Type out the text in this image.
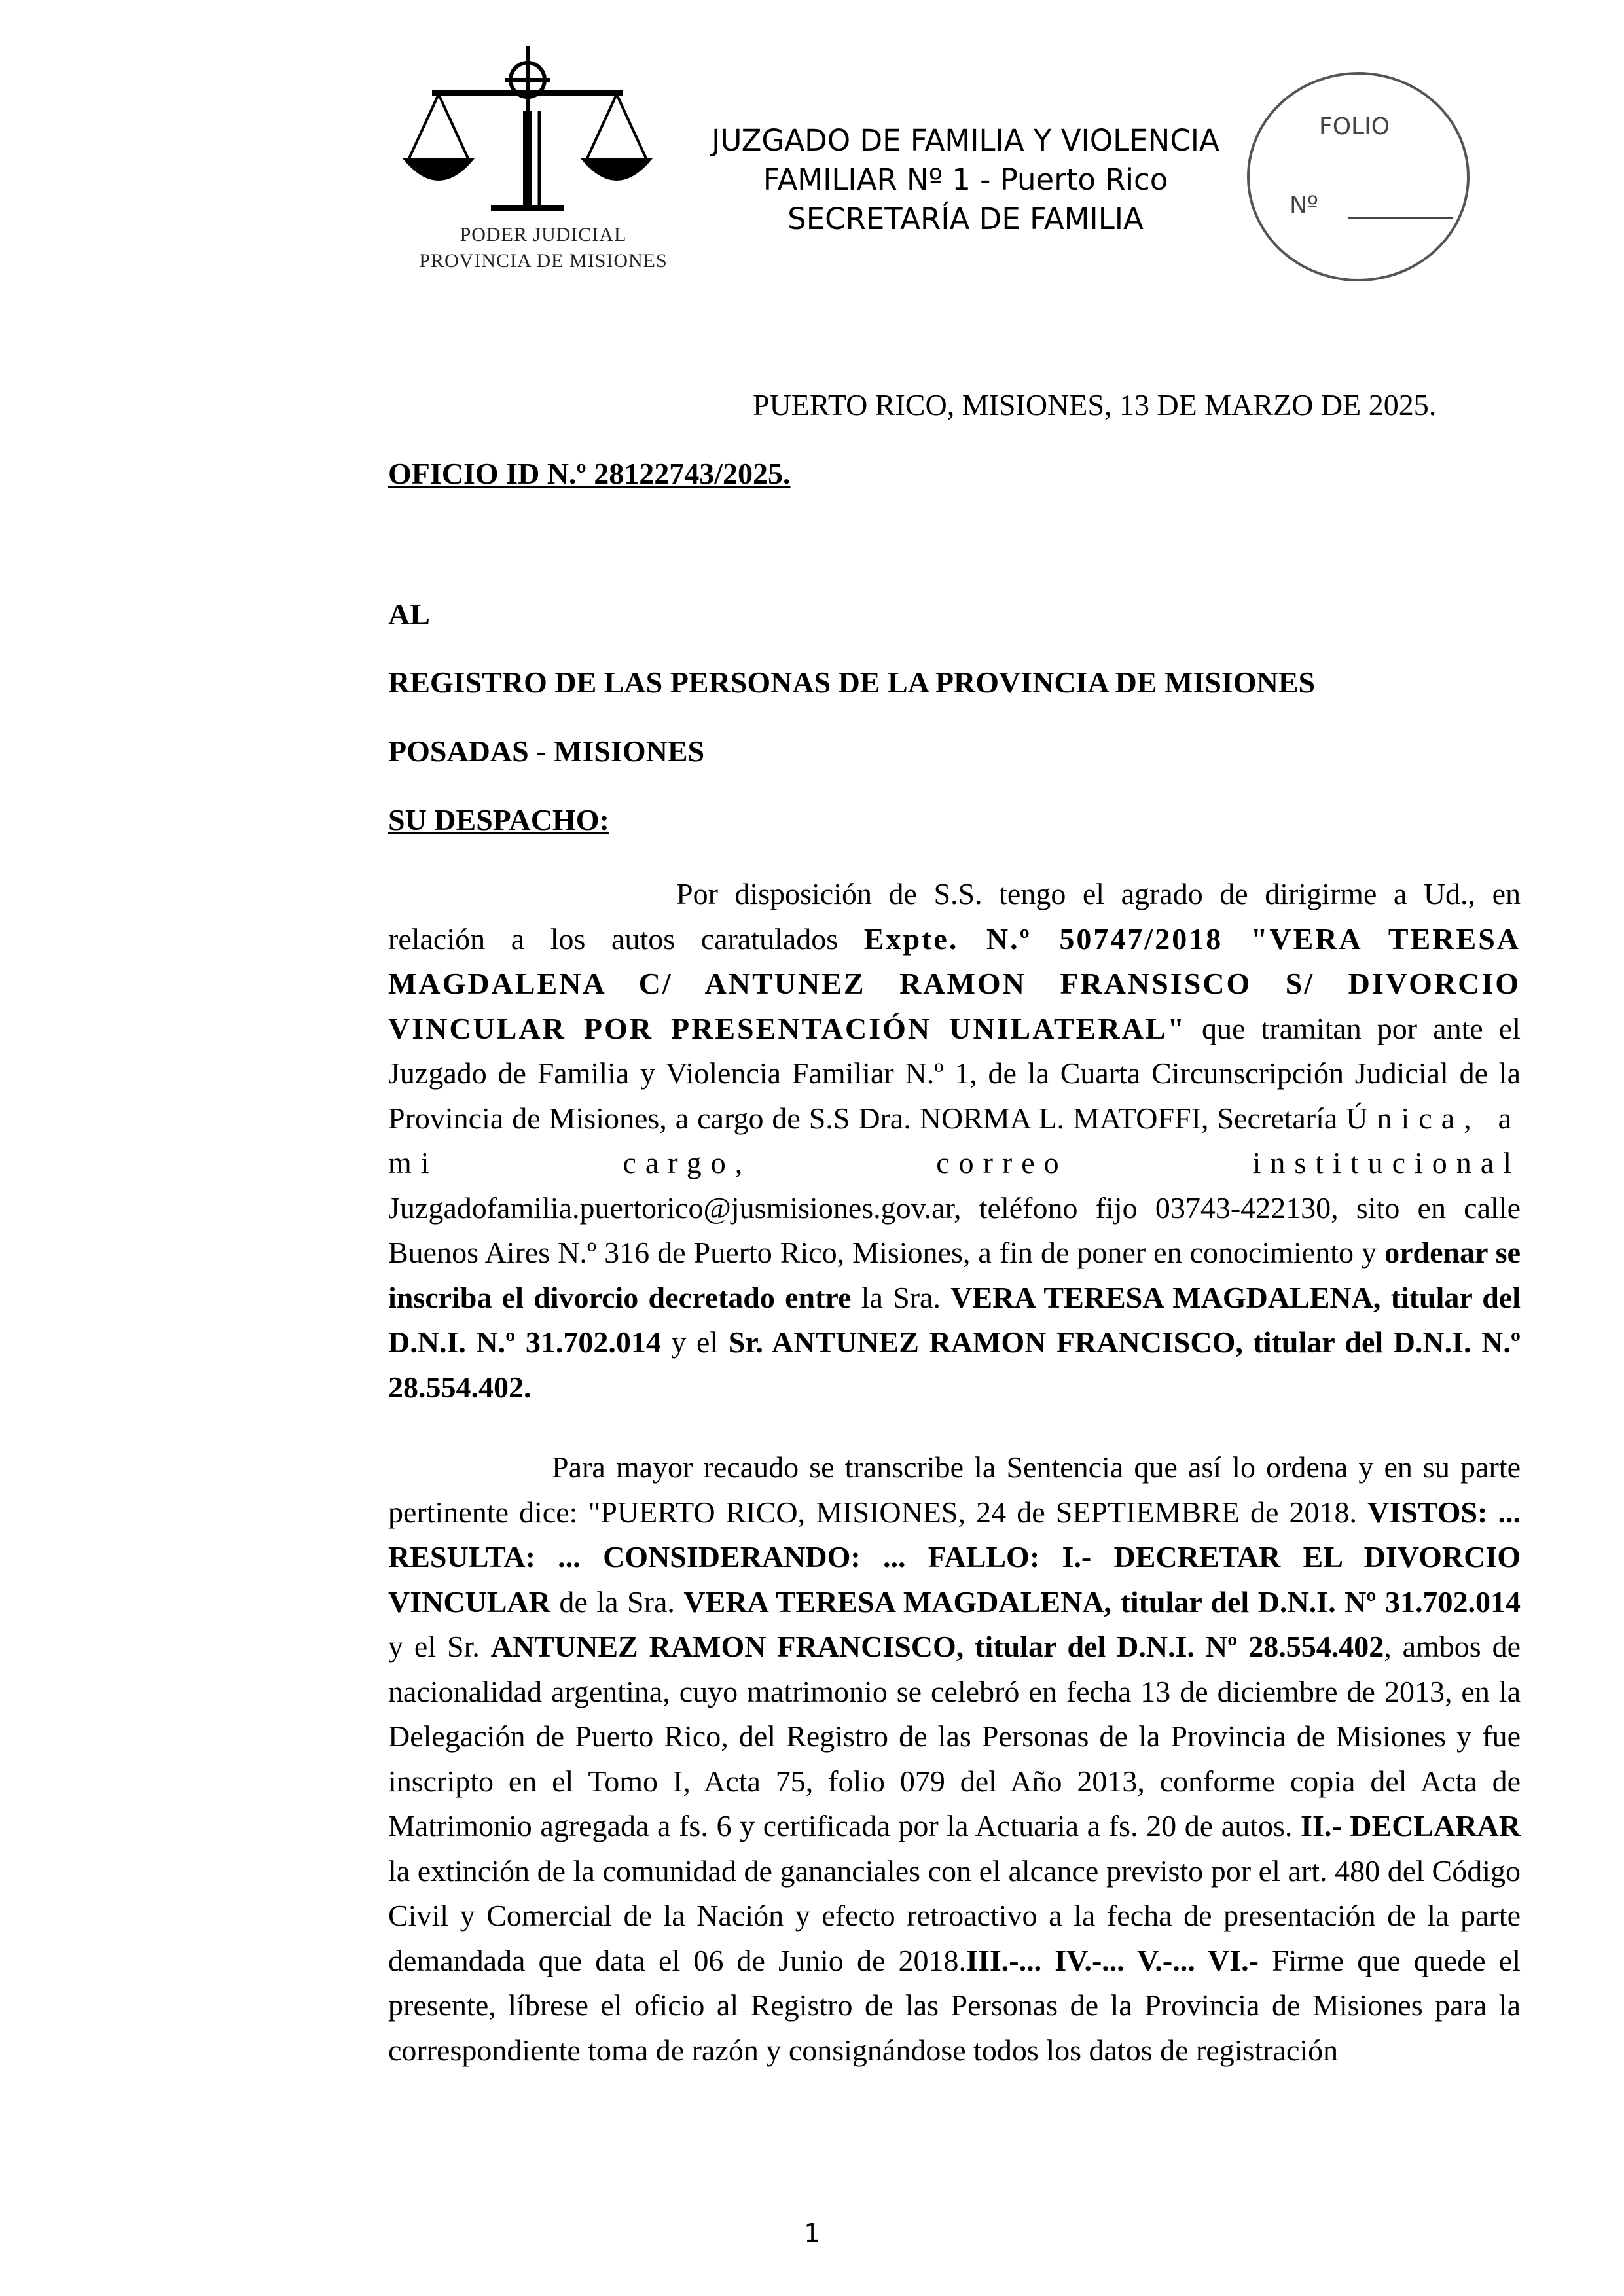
PODER JUDICIAL
PROVINCIA DE MISIONES
JUZGADO DE FAMILIA Y VIOLENCIA
FAMILIAR Nº 1 - Puerto Rico
SECRETARÍA DE FAMILIA
FOLIO
Nº
PUERTO RICO, MISIONES, 13 DE MARZO DE 2025.
OFICIO ID N.º 28122743/2025.
AL
REGISTRO DE LAS PERSONAS DE LA PROVINCIA DE MISIONES
POSADAS - MISIONES
SU DESPACHO:
Por disposición de S.S. tengo el agrado de dirigirme a Ud., en relación a los autos caratulados Expte. N.º 50747/2018 "VERA TERESA MAGDALENA C/ ANTUNEZ RAMON FRANSISCO S/ DIVORCIO VINCULAR POR PRESENTACIÓN UNILATERAL" que tramitan por ante el Juzgado de Familia y Violencia Familiar N.º 1, de la Cuarta Circunscripción Judicial de la Provincia de Misiones, a cargo de S.S Dra. NORMA L. MATOFFI, Secretaría Única, a mi cargo, correo institucional Juzgadofamilia.puertorico@jusmisiones.gov.ar, teléfono fijo 03743-422130, sito en calle Buenos Aires N.º 316 de Puerto Rico, Misiones, a fin de poner en conocimiento y ordenar se inscriba el divorcio decretado entre la Sra. VERA TERESA MAGDALENA, titular del D.N.I. N.º 31.702.014 y el Sr. ANTUNEZ RAMON FRANCISCO, titular del D.N.I. N.º 28.554.402.
Para mayor recaudo se transcribe la Sentencia que así lo ordena y en su parte pertinente dice: "PUERTO RICO, MISIONES, 24 de SEPTIEMBRE de 2018. VISTOS: ... RESULTA: ... CONSIDERANDO: ... FALLO: I.- DECRETAR EL DIVORCIO VINCULAR de la Sra. VERA TERESA MAGDALENA, titular del D.N.I. Nº 31.702.014 y el Sr. ANTUNEZ RAMON FRANCISCO, titular del D.N.I. Nº 28.554.402, ambos de nacionalidad argentina, cuyo matrimonio se celebró en fecha 13 de diciembre de 2013, en la Delegación de Puerto Rico, del Registro de las Personas de la Provincia de Misiones y fue inscripto en el Tomo I, Acta 75, folio 079 del Año 2013, conforme copia del Acta de Matrimonio agregada a fs. 6 y certificada por la Actuaria a fs. 20 de autos. II.- DECLARAR la extinción de la comunidad de gananciales con el alcance previsto por el art. 480 del Código Civil y Comercial de la Nación y efecto retroactivo a la fecha de presentación de la parte demandada que data el 06 de Junio de 2018.III.-... IV.-... V.-... VI.- Firme que quede el presente, líbrese el oficio al Registro de las Personas de la Provincia de Misiones para la correspondiente toma de razón y consignándose todos los datos de registración
1
